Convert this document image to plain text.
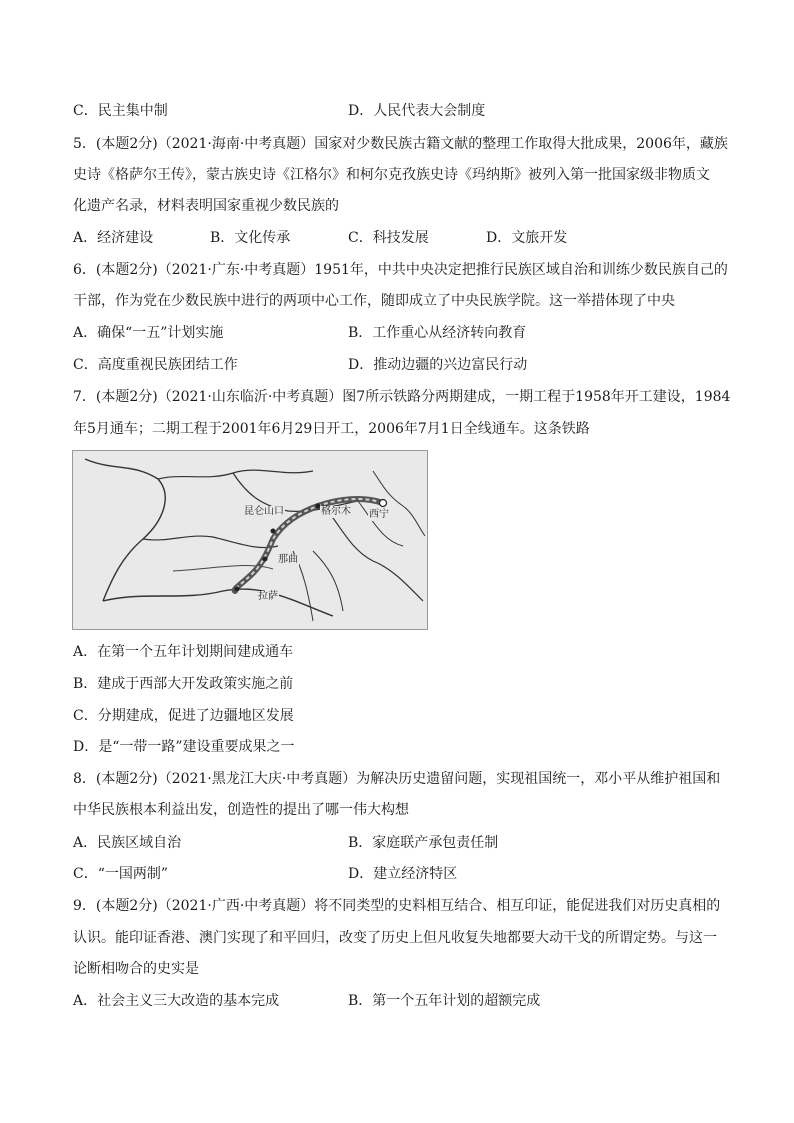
C．民主集中制	D．人民代表大会制度
5．(本题2分)（2021·海南·中考真题）国家对少数民族古籍文献的整理工作取得大批成果，2006年，藏族
史诗《格萨尔王传》，蒙古族史诗《江格尔》和柯尔克孜族史诗《玛纳斯》被列入第一批国家级非物质文
化遗产名录，材料表明国家重视少数民族的
A．经济建设	B．文化传承	C．科技发展	D．文旅开发
6．(本题2分)（2021·广东·中考真题）1951年，中共中央决定把推行民族区域自治和训练少数民族自己的
干部，作为党在少数民族中进行的两项中心工作，随即成立了中央民族学院。这一举措体现了中央
A．确保“一五”计划实施	B．工作重心从经济转向教育
C．高度重视民族团结工作	D．推动边疆的兴边富民行动
7．(本题2分)（2021·山东临沂·中考真题）图7所示铁路分两期建成，一期工程于1958年开工建设，1984
年5月通车；二期工程于2001年6月29日开工，2006年7月1日全线通车。这条铁路
昆仑山口	格尔木 西宁
那曲
拉萨
A．在第一个五年计划期间建成通车
B．建成于西部大开发政策实施之前
C．分期建成，促进了边疆地区发展
D．是“一带一路”建设重要成果之一
8．(本题2分)（2021·黑龙江大庆·中考真题）为解决历史遗留问题，实现祖国统一，邓小平从维护祖国和
中华民族根本利益出发，创造性的提出了哪一伟大构想
A．民族区域自治	B．家庭联产承包责任制
C．“一国两制”	D．建立经济特区
9．(本题2分)（2021·广西·中考真题）将不同类型的史料相互结合、相互印证，能促进我们对历史真相的
认识。能印证香港、澳门实现了和平回归，改变了历史上但凡收复失地都要大动干戈的所谓定势。与这一
论断相吻合的史实是
A．社会主义三大改造的基本完成	B．第一个五年计划的超额完成
